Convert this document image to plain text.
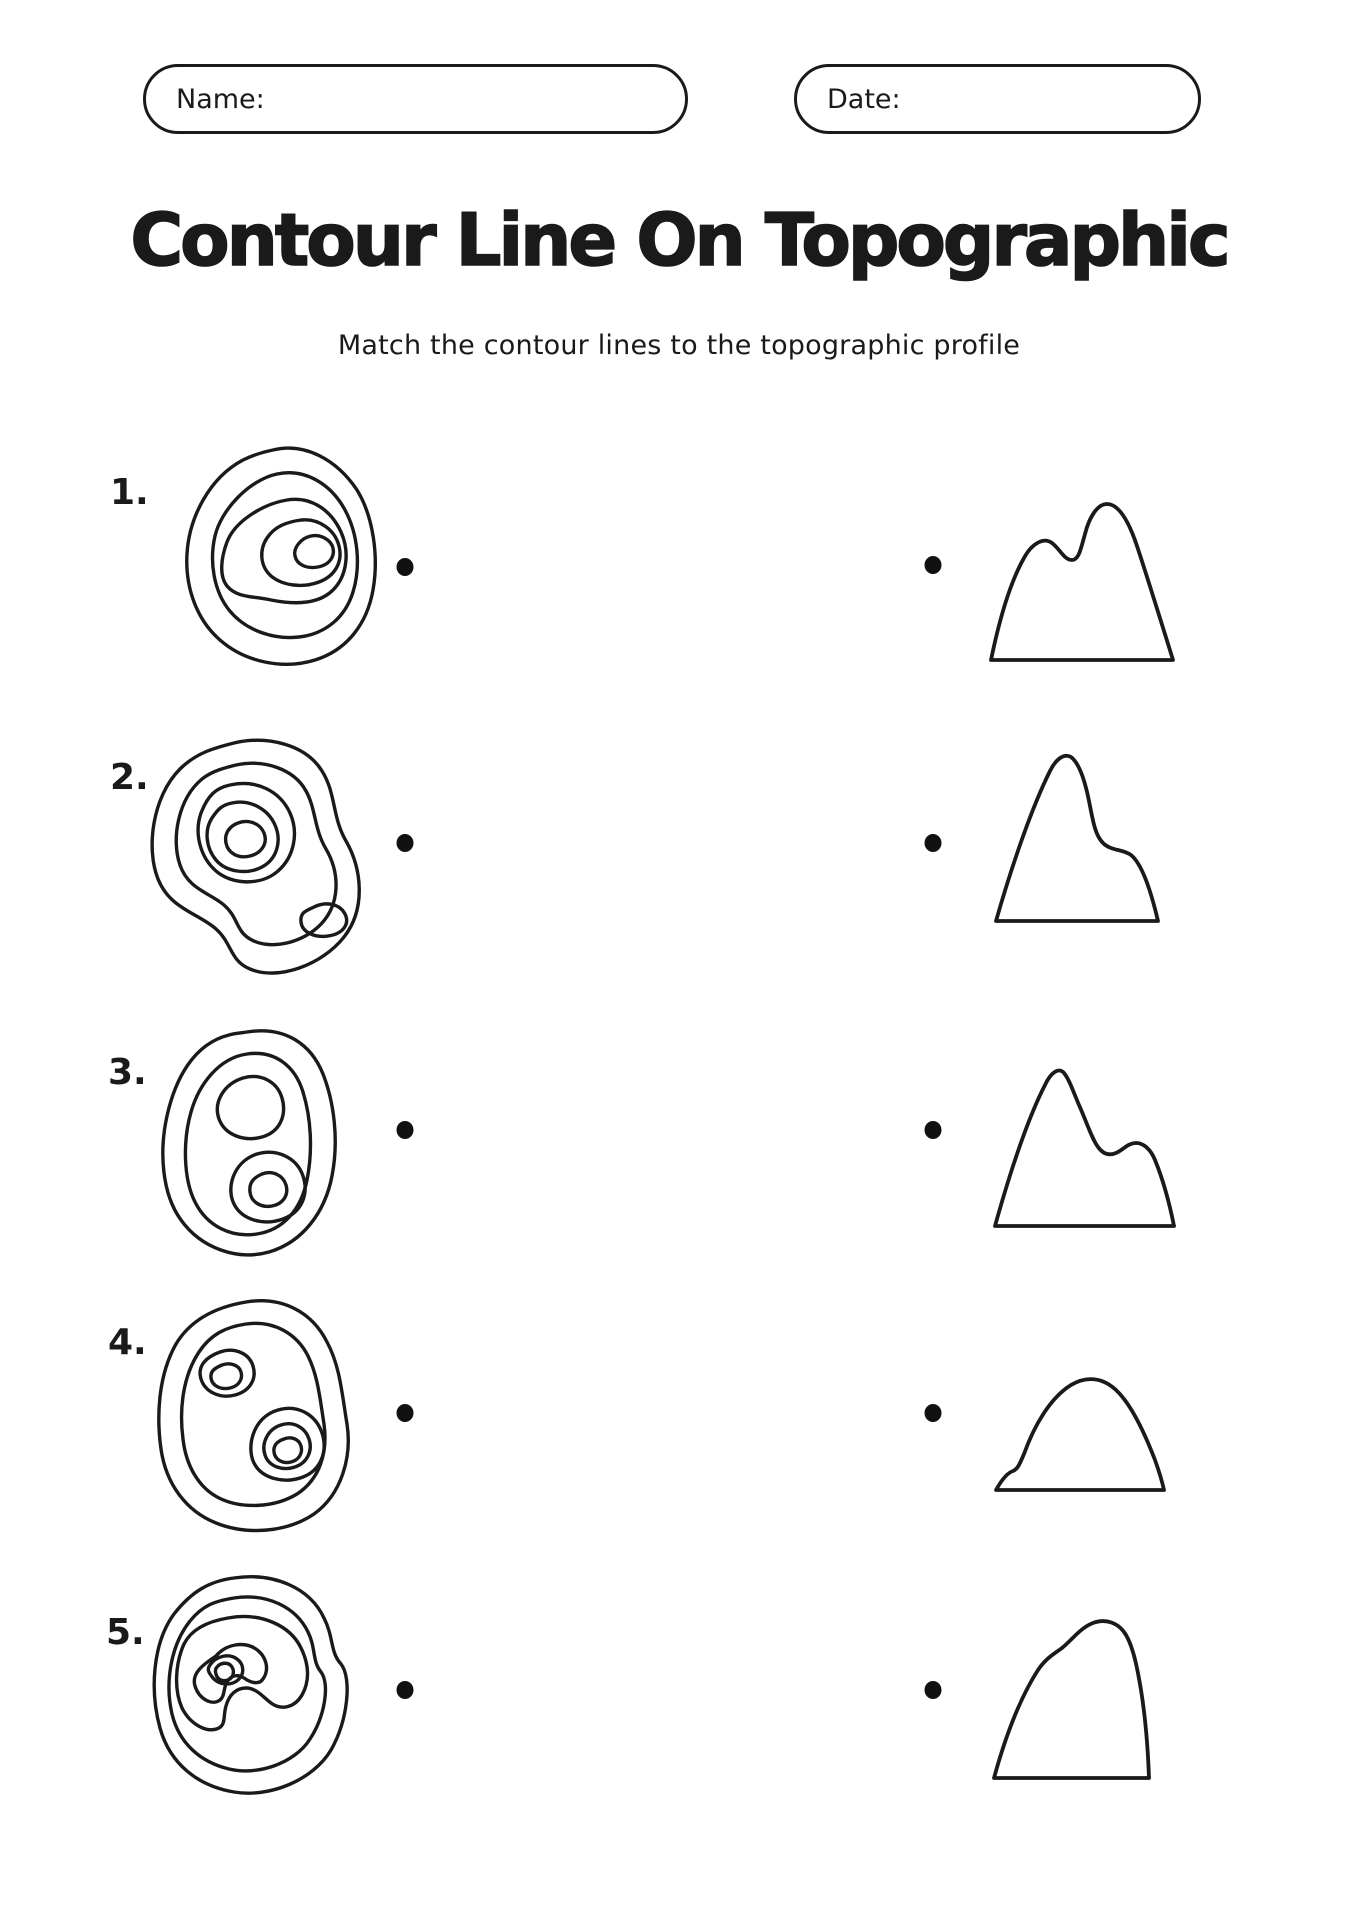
Name:	Date:
Contour Line On Topographic
Match the contour lines to the topographic profile
1.
2.
3.
4.
5.
